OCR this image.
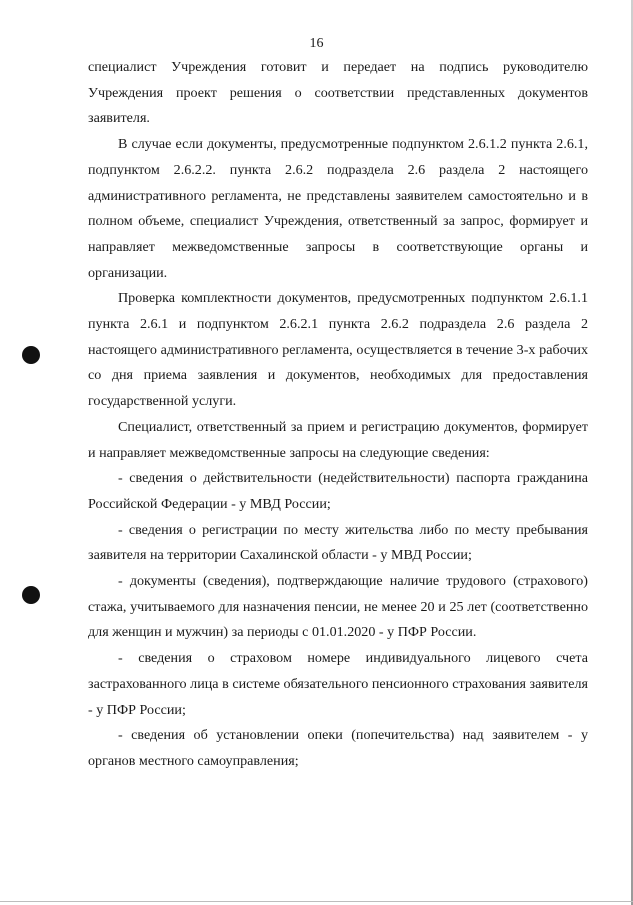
16

специалист Учреждения готовит и передает на подпись руководителю Учреждения проект решения о соответствии представленных документов заявителя.

В случае если документы, предусмотренные подпунктом 2.6.1.2 пункта 2.6.1, подпунктом 2.6.2.2. пункта 2.6.2 подраздела 2.6 раздела 2 настоящего административного регламента, не представлены заявителем самостоятельно и в полном объеме, специалист Учреждения, ответственный за запрос, формирует и направляет межведомственные запросы в соответствующие органы и организации.

Проверка комплектности документов, предусмотренных подпунктом 2.6.1.1 пункта 2.6.1 и подпунктом 2.6.2.1 пункта 2.6.2 подраздела 2.6 раздела 2 настоящего административного регламента, осуществляется в течение 3-х рабочих со дня приема заявления и документов, необходимых для предоставления государственной услуги.

Специалист, ответственный за прием и регистрацию документов, формирует и направляет межведомственные запросы на следующие сведения:

- сведения о действительности (недействительности) паспорта гражданина Российской Федерации - у МВД России;

- сведения о регистрации по месту жительства либо по месту пребывания заявителя на территории Сахалинской области - у МВД России;

- документы (сведения), подтверждающие наличие трудового (страхового) стажа, учитываемого для назначения пенсии, не менее 20 и 25 лет (соответственно для женщин и мужчин) за периоды с 01.01.2020 - у ПФР России.

- сведения о страховом номере индивидуального лицевого счета застрахованного лица в системе обязательного пенсионного страхования заявителя - у ПФР России;

- сведения об установлении опеки (попечительства) над заявителем - у органов местного самоуправления;
